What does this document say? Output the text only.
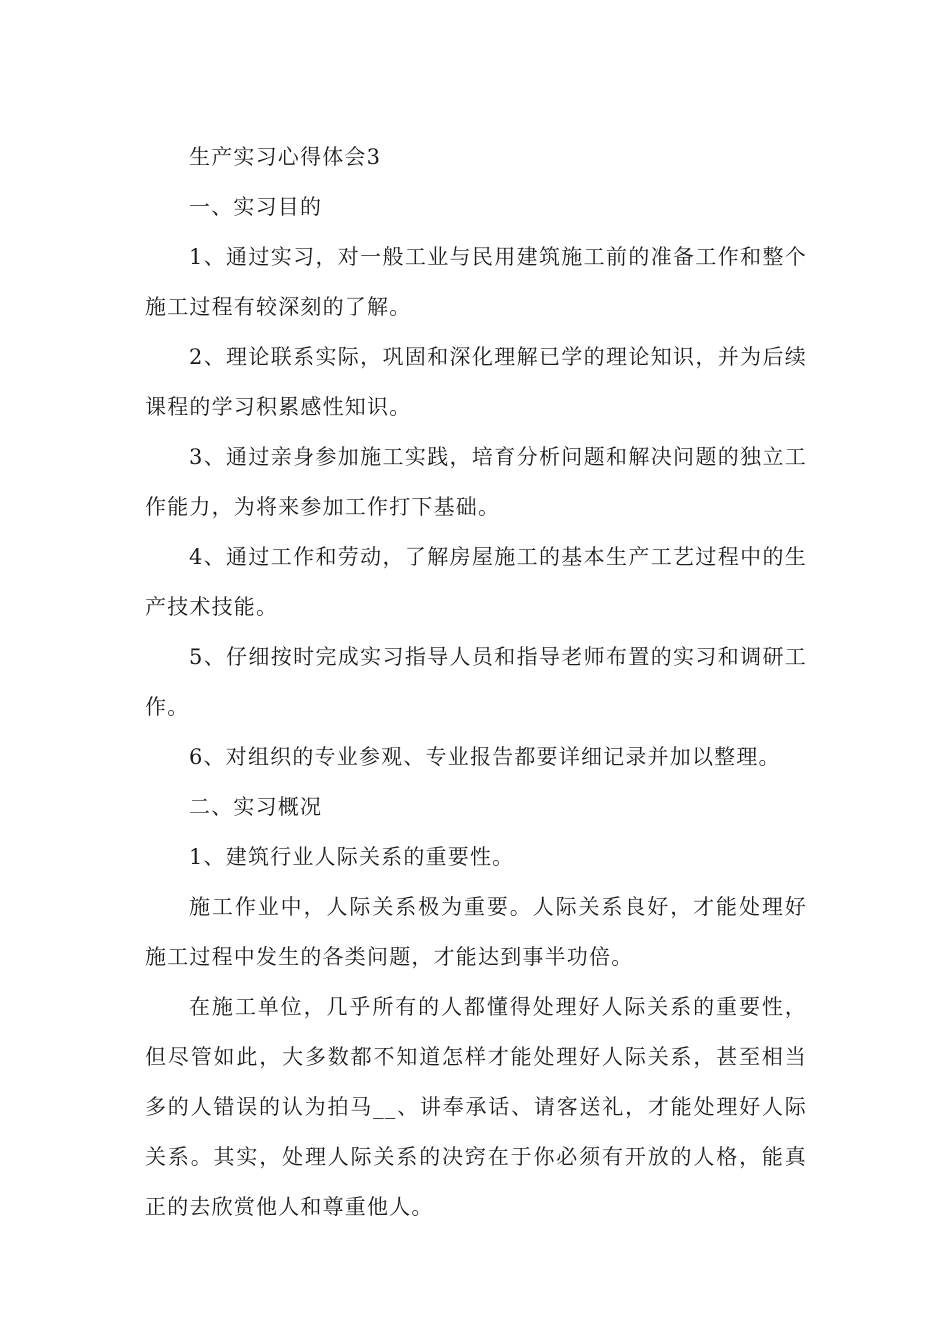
生产实习心得体会3
一、实习目的
1、通过实习，对一般工业与民用建筑施工前的准备工作和整个
施工过程有较深刻的了解。
2、理论联系实际，巩固和深化理解已学的理论知识，并为后续
课程的学习积累感性知识。
3、通过亲身参加施工实践，培育分析问题和解决问题的独立工
作能力，为将来参加工作打下基础。
4、通过工作和劳动，了解房屋施工的基本生产工艺过程中的生
产技术技能。
5、仔细按时完成实习指导人员和指导老师布置的实习和调研工
作。
6、对组织的专业参观、专业报告都要详细记录并加以整理。
二、实习概况
1、建筑行业人际关系的重要性。
施工作业中，人际关系极为重要。人际关系良好，才能处理好
施工过程中发生的各类问题，才能达到事半功倍。
在施工单位，几乎所有的人都懂得处理好人际关系的重要性，
但尽管如此，大多数都不知道怎样才能处理好人际关系，甚至相当
多的人错误的认为拍马__、讲奉承话、请客送礼，才能处理好人际
关系。其实，处理人际关系的决窍在于你必须有开放的人格，能真
正的去欣赏他人和尊重他人。
